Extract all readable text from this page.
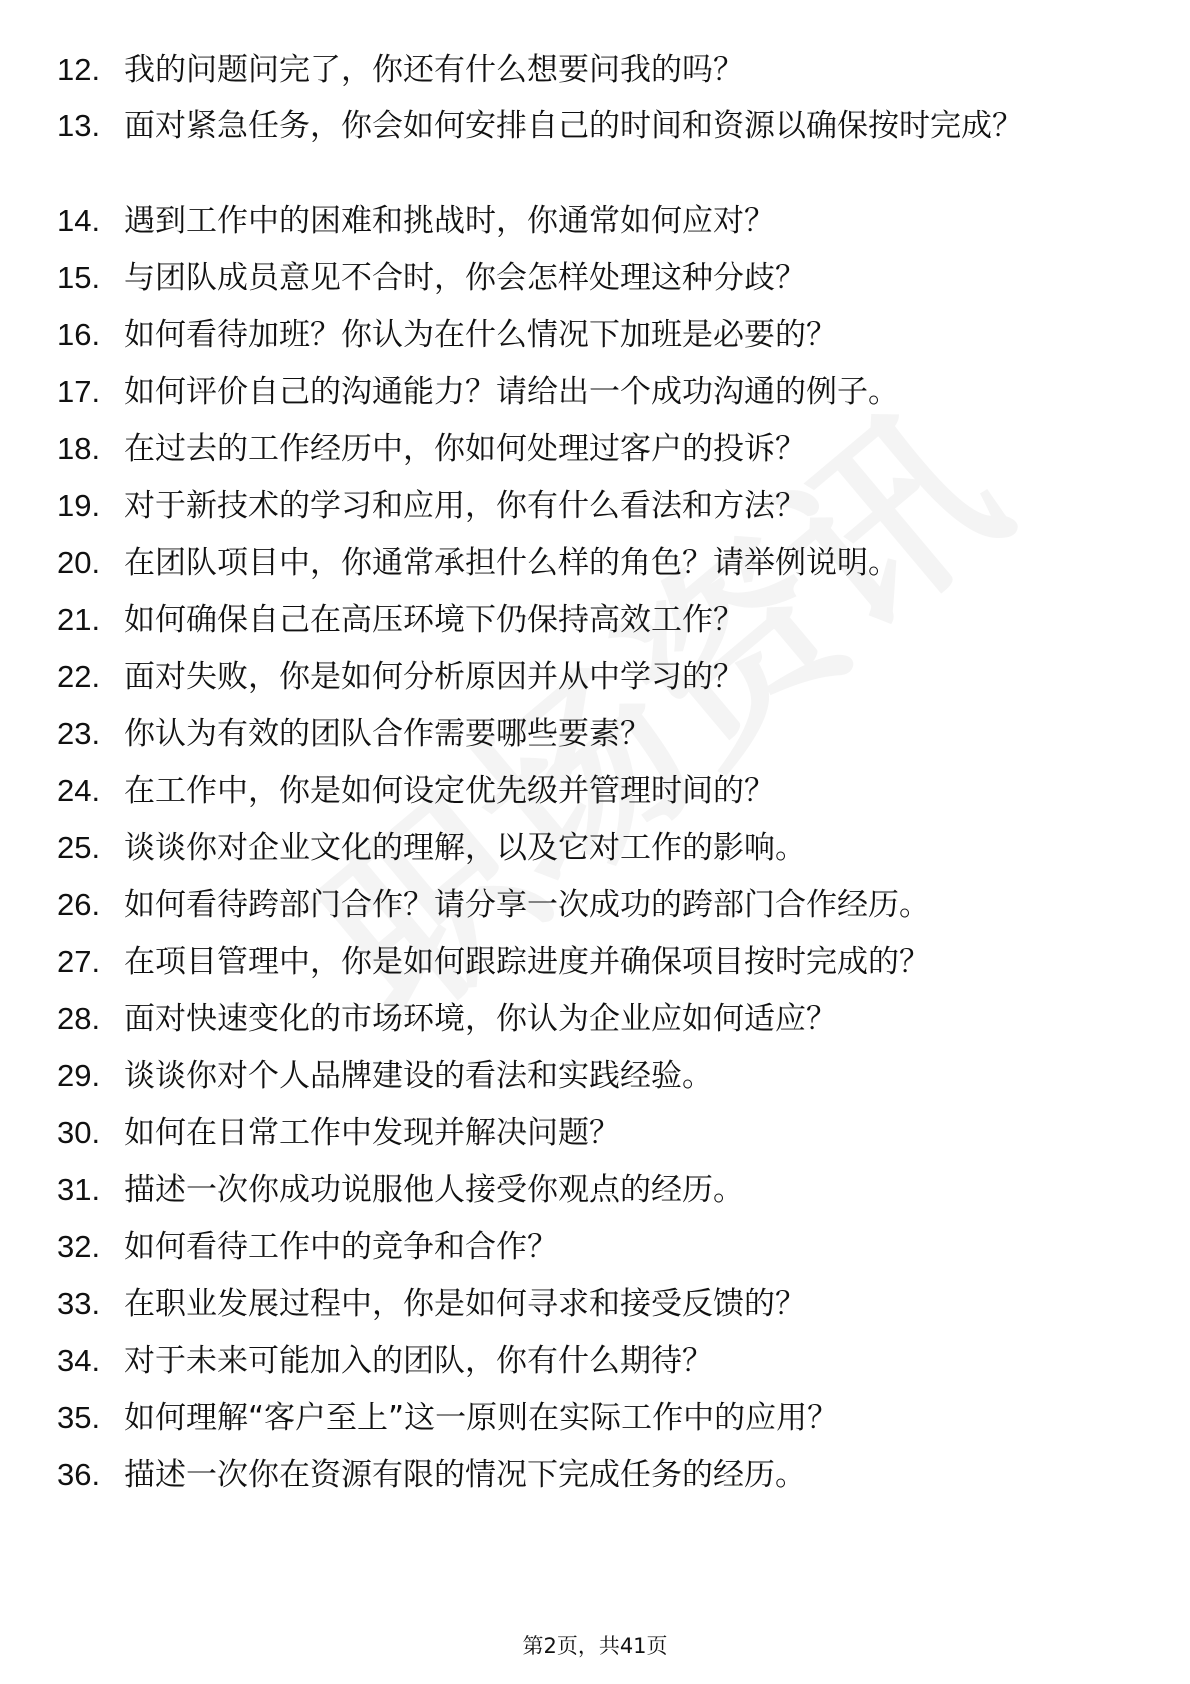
12. 我的问题问完了，你还有什么想要问我的吗？
13. 面对紧急任务，你会如何安排自己的时间和资源以确保按时完成？
14. 遇到工作中的困难和挑战时，你通常如何应对？
15. 与团队成员意见不合时，你会怎样处理这种分歧？
16. 如何看待加班？你认为在什么情况下加班是必要的？
17. 如何评价自己的沟通能力？请给出一个成功沟通的例子。
18. 在过去的工作经历中，你如何处理过客户的投诉？
19. 对于新技术的学习和应用，你有什么看法和方法？
20. 在团队项目中，你通常承担什么样的角色？请举例说明。
21. 如何确保自己在高压环境下仍保持高效工作？
22. 面对失败，你是如何分析原因并从中学习的？
23. 你认为有效的团队合作需要哪些要素？
24. 在工作中，你是如何设定优先级并管理时间的？
25. 谈谈你对企业文化的理解，以及它对工作的影响。
26. 如何看待跨部门合作？请分享一次成功的跨部门合作经历。
27. 在项目管理中，你是如何跟踪进度并确保项目按时完成的？
28. 面对快速变化的市场环境，你认为企业应如何适应？
29. 谈谈你对个人品牌建设的看法和实践经验。
30. 如何在日常工作中发现并解决问题？
31. 描述一次你成功说服他人接受你观点的经历。
32. 如何看待工作中的竞争和合作？
33. 在职业发展过程中，你是如何寻求和接受反馈的？
34. 对于未来可能加入的团队，你有什么期待？
35. 如何理解“客户至上”这一原则在实际工作中的应用？
36. 描述一次你在资源有限的情况下完成任务的经历。
第2页，共41页
